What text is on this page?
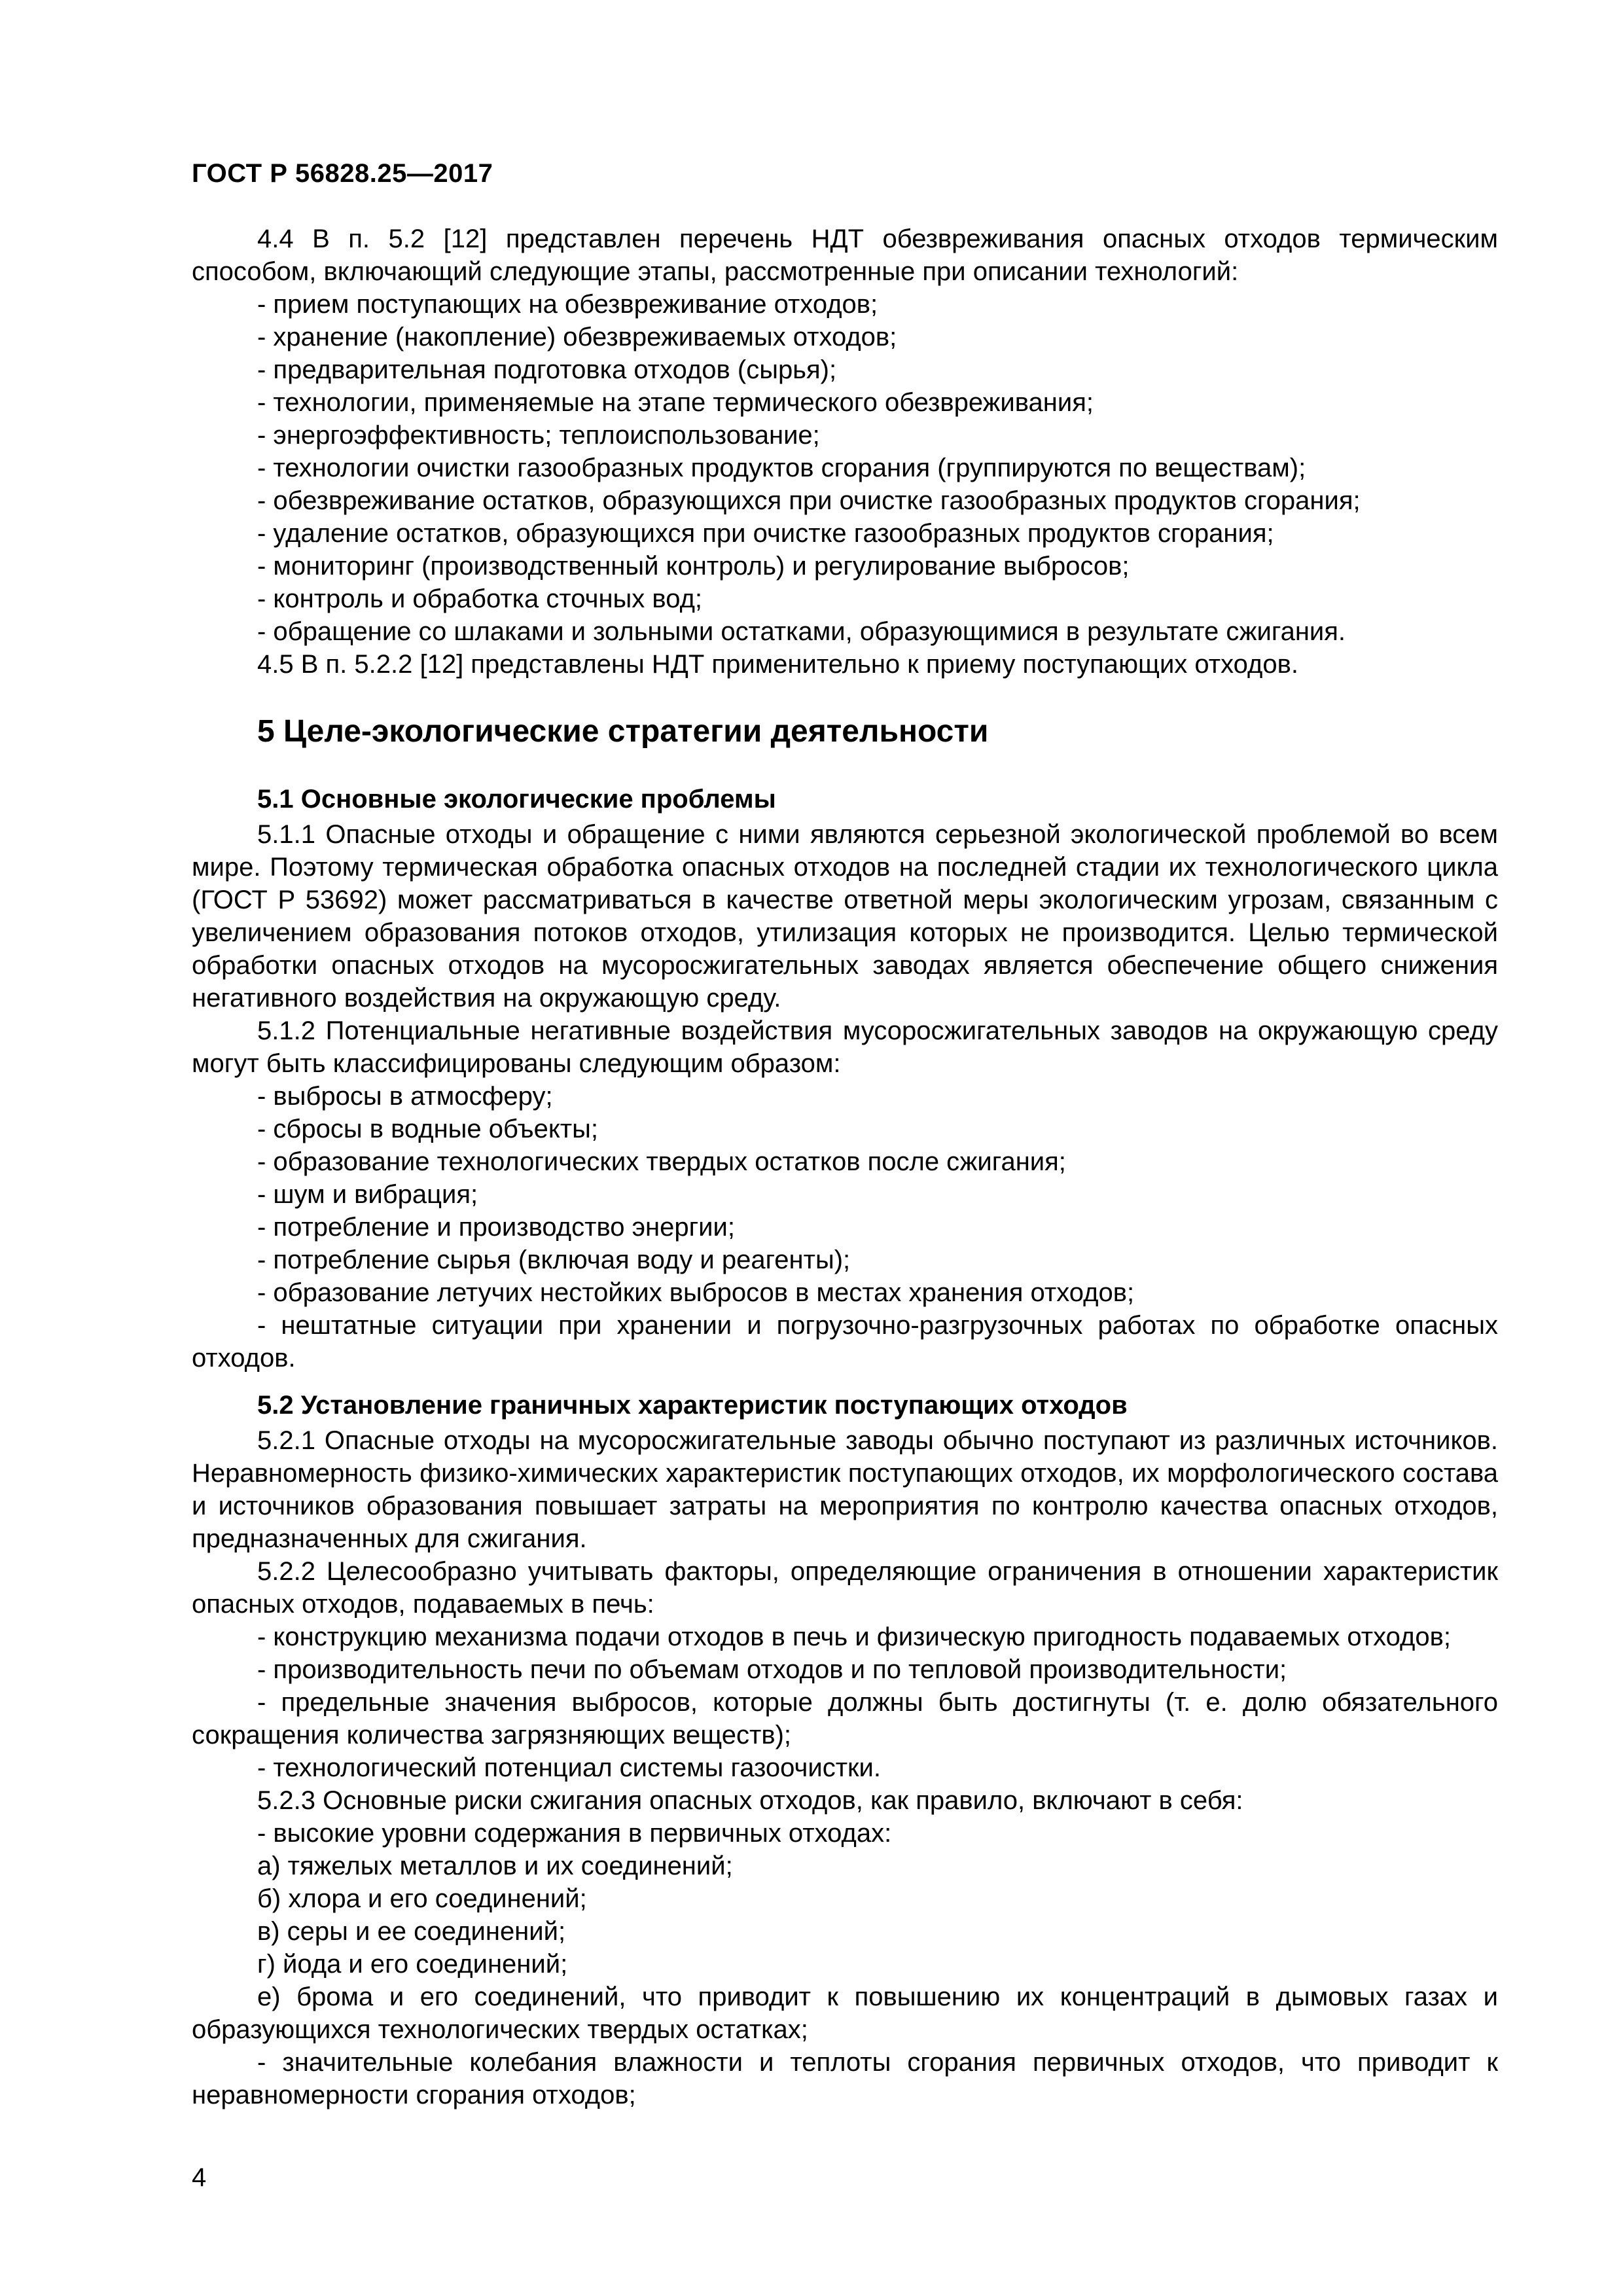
ГОСТ Р 56828.25—2017

4.4 В п. 5.2 [12] представлен перечень НДТ обезвреживания опасных отходов термическим способом, включающий следующие этапы, рассмотренные при описании технологий:

- прием поступающих на обезвреживание отходов;

- хранение (накопление) обезвреживаемых отходов;

- предварительная подготовка отходов (сырья);

- технологии, применяемые на этапе термического обезвреживания;

- энергоэффективность; теплоиспользование;

- технологии очистки газообразных продуктов сгорания (группируются по веществам);

- обезвреживание остатков, образующихся при очистке газообразных продуктов сгорания;

- удаление остатков, образующихся при очистке газообразных продуктов сгорания;

- мониторинг (производственный контроль) и регулирование выбросов;

- контроль и обработка сточных вод;

- обращение со шлаками и зольными остатками, образующимися в результате сжигания.

4.5 В п. 5.2.2 [12] представлены НДТ применительно к приему поступающих отходов.

5 Целе-экологические стратегии деятельности

5.1 Основные экологические проблемы

5.1.1 Опасные отходы и обращение с ними являются серьезной экологической проблемой во всем мире. Поэтому термическая обработка опасных отходов на последней стадии их технологического цикла (ГОСТ Р 53692) может рассматриваться в качестве ответной меры экологическим угрозам, связанным с увеличением образования потоков отходов, утилизация которых не производится. Целью термической обработки опасных отходов на мусоросжигательных заводах является обеспечение общего снижения негативного воздействия на окружающую среду.

5.1.2 Потенциальные негативные воздействия мусоросжигательных заводов на окружающую среду могут быть классифицированы следующим образом:

- выбросы в атмосферу;

- сбросы в водные объекты;

- образование технологических твердых остатков после сжигания;

- шум и вибрация;

- потребление и производство энергии;

- потребление сырья (включая воду и реагенты);

- образование летучих нестойких выбросов в местах хранения отходов;

- нештатные ситуации при хранении и погрузочно-разгрузочных работах по обработке опасных отходов.

5.2 Установление граничных характеристик поступающих отходов

5.2.1 Опасные отходы на мусоросжигательные заводы обычно поступают из различных источников. Неравномерность физико-химических характеристик поступающих отходов, их морфологического состава и источников образования повышает затраты на мероприятия по контролю качества опасных отходов, предназначенных для сжигания.

5.2.2 Целесообразно учитывать факторы, определяющие ограничения в отношении характеристик опасных отходов, подаваемых в печь:

- конструкцию механизма подачи отходов в печь и физическую пригодность подаваемых отходов;

- производительность печи по объемам отходов и по тепловой производительности;

- предельные значения выбросов, которые должны быть достигнуты (т. е. долю обязательного сокращения количества загрязняющих веществ);

- технологический потенциал системы газоочистки.

5.2.3 Основные риски сжигания опасных отходов, как правило, включают в себя:

- высокие уровни содержания в первичных отходах:

а) тяжелых металлов и их соединений;

б) хлора и его соединений;

в) серы и ее соединений;

г) йода и его соединений;

е) брома и его соединений, что приводит к повышению их концентраций в дымовых газах и образующихся технологических твердых остатках;

- значительные колебания влажности и теплоты сгорания первичных отходов, что приводит к неравномерности сгорания отходов;

4
